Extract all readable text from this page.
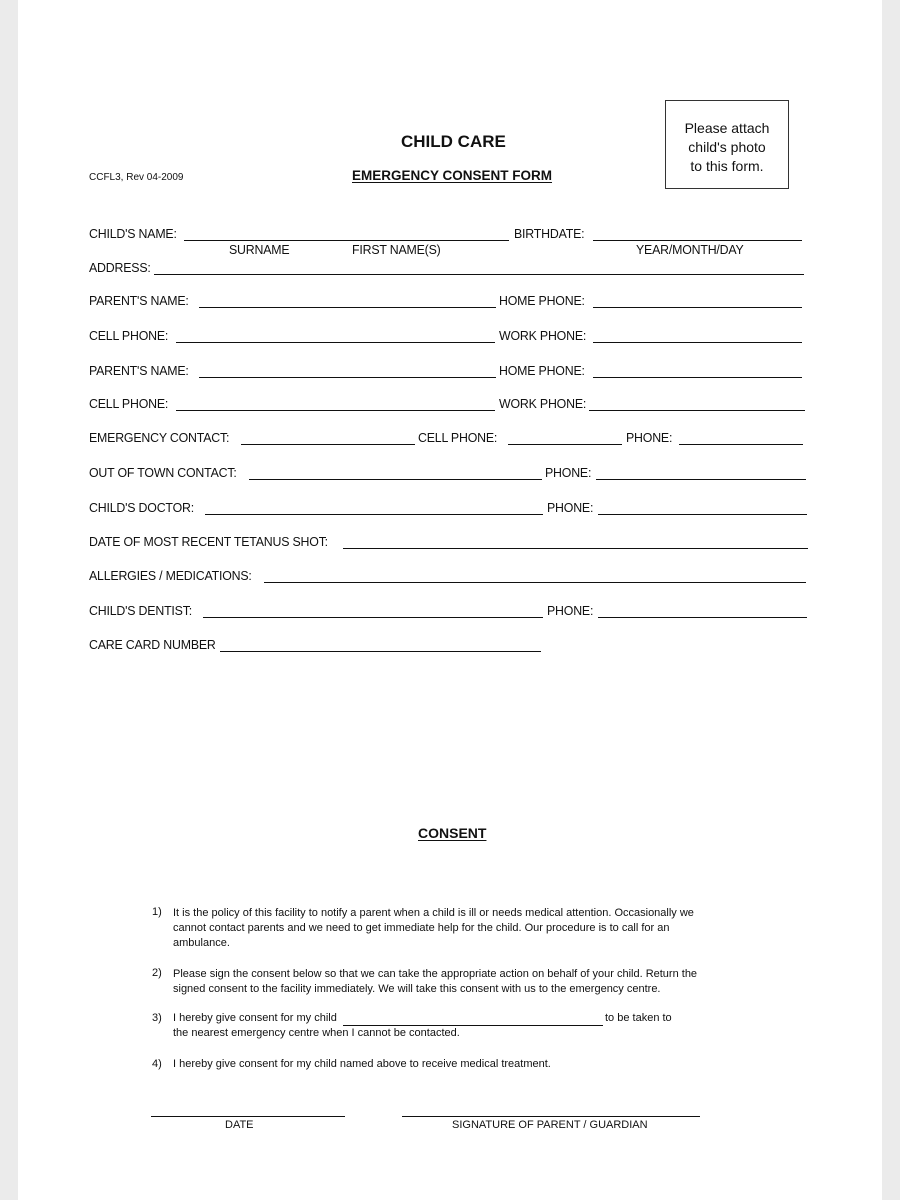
Please attach
child's photo
to this form.
CHILD CARE
EMERGENCY CONSENT FORM
CCFL3, Rev 04-2009
CHILD'S NAME:	BIRTHDATE:
SURNAME	FIRST NAME(S)	YEAR/MONTH/DAY
ADDRESS:
PARENT'S NAME:	HOME PHONE:
CELL PHONE:	WORK PHONE:
PARENT'S NAME:	HOME PHONE:
CELL PHONE:	WORK PHONE:
EMERGENCY CONTACT:	CELL PHONE:	PHONE:
OUT OF TOWN CONTACT:	PHONE:
CHILD'S DOCTOR:	PHONE:
DATE OF MOST RECENT TETANUS SHOT:
ALLERGIES / MEDICATIONS:
CHILD'S DENTIST:	PHONE:
CARE CARD NUMBER
CONSENT
1) It is the policy of this facility to notify a parent when a child is ill or needs medical attention. Occasionally we cannot contact parents and we need to get immediate help for the child. Our procedure is to call for an ambulance.
2) Please sign the consent below so that we can take the appropriate action on behalf of your child. Return the signed consent to the facility immediately. We will take this consent with us to the emergency centre.
3) I hereby give consent for my child	to be taken to
the nearest emergency centre when I cannot be contacted.
4) I hereby give consent for my child named above to receive medical treatment.
DATE	SIGNATURE OF PARENT / GUARDIAN
